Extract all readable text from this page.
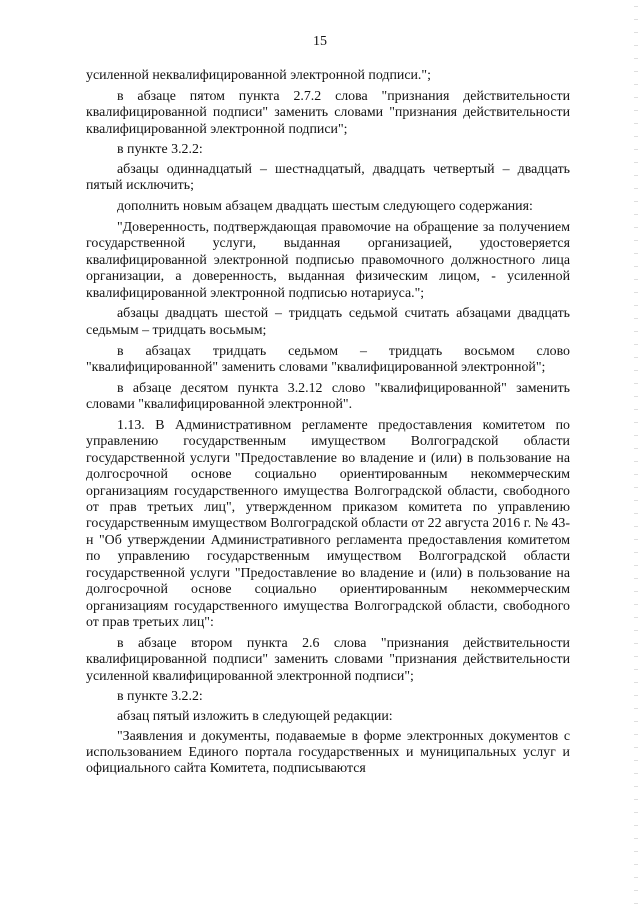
15

усиленной неквалифицированной электронной подписи.";

в абзаце пятом пункта 2.7.2 слова "признания действительности квалифицированной подписи" заменить словами "признания действительности квалифицированной электронной подписи";

в пункте 3.2.2:

абзацы одиннадцатый – шестнадцатый, двадцать четвертый – двадцать пятый исключить;

дополнить новым абзацем двадцать шестым следующего содержания:

"Доверенность, подтверждающая правомочие на обращение за получением государственной услуги, выданная организацией, удостоверяется квалифицированной электронной подписью правомочного должностного лица организации, а доверенность, выданная физическим лицом, - усиленной квалифицированной электронной подписью нотариуса.";

абзацы двадцать шестой – тридцать седьмой считать абзацами двадцать седьмым – тридцать восьмым;

в абзацах тридцать седьмом – тридцать восьмом слово "квалифицированной" заменить словами "квалифицированной электронной";

в абзаце десятом пункта 3.2.12 слово "квалифицированной" заменить словами "квалифицированной электронной".

1.13. В Административном регламенте предоставления комитетом по управлению государственным имуществом Волгоградской области государственной услуги "Предоставление во владение и (или) в пользование на долгосрочной основе социально ориентированным некоммерческим организациям государственного имущества Волгоградской области, свободного от прав третьих лиц", утвержденном приказом комитета по управлению государственным имуществом Волгоградской области от 22 августа 2016 г. № 43-н "Об утверждении Административного регламента предоставления комитетом по управлению государственным имуществом Волгоградской области государственной услуги "Предоставление во владение и (или) в пользование на долгосрочной основе социально ориентированным некоммерческим организациям государственного имущества Волгоградской области, свободного от прав третьих лиц":

в абзаце втором пункта 2.6 слова "признания действительности квалифицированной подписи" заменить словами "признания действительности усиленной квалифицированной электронной подписи";

в пункте 3.2.2:

абзац пятый изложить в следующей редакции:

"Заявления и документы, подаваемые в форме электронных документов с использованием Единого портала государственных и муниципальных услуг и официального сайта Комитета, подписываются
